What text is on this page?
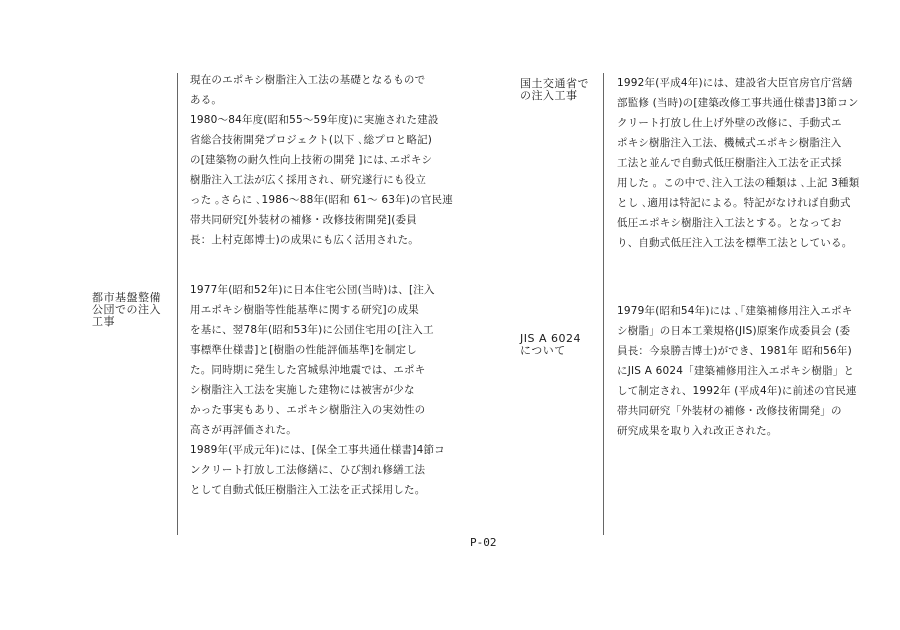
都市基盤整備
公団での注入
工事
現在のエポキシ樹脂注入工法の基礎となるもので
ある。
1980～84年度(昭和55～59年度)に実施された建設
省総合技術開発プロジェクト(以下 ､総プロと略記)
の[建築物の耐久性向上技術の開発 ]には､エポキシ
樹脂注入工法が広く採用され、研究遂行にも役立
った ｡さらに ､1986～88年(昭和 61～ 63年)の官民連
帯共同研究[外装材の補修・改修技術開発](委員
長：上村克郎博士)の成果にも広く活用された。
1977年(昭和52年)に日本住宅公団(当時)は、[注入
用エポキシ樹脂等性能基準に関する研究]の成果
を基に、翌78年(昭和53年)に公団住宅用の[注入工
事標準仕様書]と[樹脂の性能評価基準]を制定し
た。同時期に発生した宮城県沖地震では、エポキ
シ樹脂注入工法を実施した建物には被害が少な
かった事実もあり、エポキシ樹脂注入の実効性の
高さが再評価された。
1989年(平成元年)には、[保全工事共通仕様書]4節コ
ンクリート打放し工法修繕に、ひび割れ修繕工法
として自動式低圧樹脂注入工法を正式採用した。
国土交通省で
の注入工事
JIS A 6024
について
1992年(平成4年)には、建設省大臣官房官庁営繕
部監修 (当時)の[建築改修工事共通仕様書]3節コン
クリート打放し仕上げ外壁の改修に、手動式エ
ポキシ樹脂注入工法、機械式エポキシ樹脂注入
工法と並んで自動式低圧樹脂注入工法を正式採
用した 。この中で､注入工法の種類は ､上記 3種類
とし ､適用は特記による。特記がなければ自動式
低圧エポキシ樹脂注入工法とする。となってお
り、自動式低圧注入工法を標準工法としている。
1979年(昭和54年)には ､｢建築補修用注入エポキ
シ樹脂」の日本工業規格(JIS)原案作成委員会 (委
員長：今泉勝吉博士)ができ、1981年 昭和56年)
にJIS A 6024「建築補修用注入エポキシ樹脂」と
して制定され、1992年 (平成4年)に前述の官民連
帯共同研究「外装材の補修・改修技術開発」の
研究成果を取り入れ改正された。
P-02
